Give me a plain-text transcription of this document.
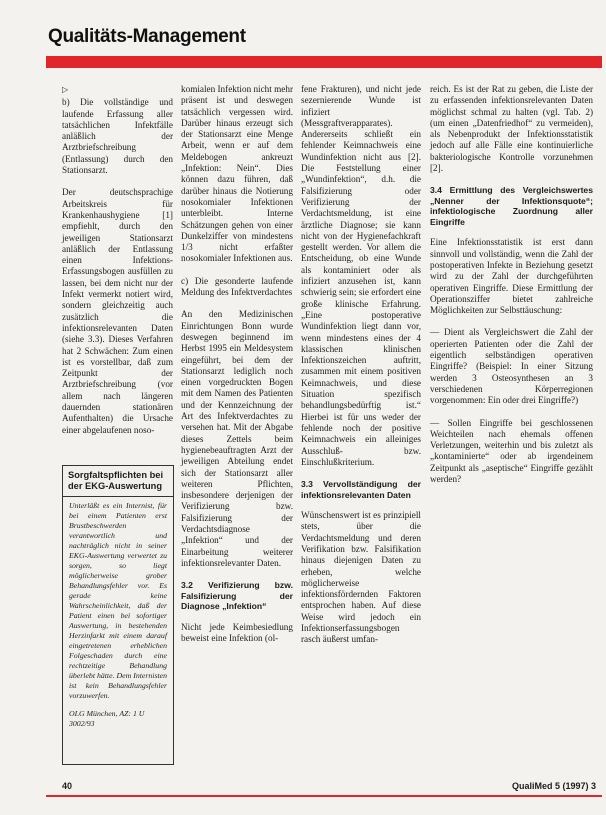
Qualitäts-Management
▷

b) Die vollständige und laufende Erfassung aller tatsächlichen Infektfälle anläßlich der Arztbriefschreibung (Entlassung) durch den Stationsarzt.

Der deutschsprachige Arbeitskreis für Krankenhaushygiene [1] empfiehlt, durch den jeweiligen Stationsarzt anläßlich der Entlassung einen Infektions-Erfassungsbogen ausfüllen zu lassen, bei dem nicht nur der Infekt vermerkt notiert wird, sondern gleichzeitig auch zusätzlich die infektionsrelevanten Daten (siehe 3.3). Dieses Verfahren hat 2 Schwächen: Zum einen ist es vorstellbar, daß zum Zeitpunkt der Arztbriefschreibung (vor allem nach längeren dauernden stationären Aufenthalten) die Ursache einer abgelaufenen noso-

Sorgfaltspflichten bei der EKG-Auswertung
Unterläßt es ein Internist, für bei einem Patienten erst Brustbeschwerden verantwortlich und nachträglich nicht in seiner EKG-Auswertung verwertet zu sorgen, so liegt möglicherweise grober Behandlungsfehler vor. Es gerade keine Wahrscheinlichkeit, daß der Patient einen bei sofortiger Auswertung, in bestehenden Herzinfarkt mit einem darauf eingetretenen erheblichen Folgeschaden durch eine rechtzeitige Behandlung überlebt hätte. Dem Internisten ist kein Behandlungsfehler vorzuwerfen.
OLG München, AZ: 1 U 3002/93

komialen Infektion nicht mehr präsent ist und deswegen tatsächlich vergessen wird. Darüber hinaus erzeugt sich der Stationsarzt eine Menge Arbeit, wenn er auf dem Meldebogen ankreuzt „Infektion: Nein“. Dies können dazu führen, daß darüber hinaus die Notierung nosokomialer Infektionen unterbleibt. Interne Schätzungen gehen von einer Dunkelziffer von mindestens 1/3 nicht erfaßter nosokomialer Infektionen aus.

c) Die gesonderte laufende Meldung des Infektverdachtes

An den Medizinischen Einrichtungen Bonn wurde deswegen beginnend im Herbst 1995 ein Meldesystem eingeführt, bei dem der Stationsarzt lediglich noch einen vorgedruckten Bogen mit dem Namen des Patienten und der Kennzeichnung der Art des Infektverdachtes zu versehen hat. Mit der Abgabe dieses Zettels beim hygienebeauftragten Arzt der jeweiligen Abteilung endet sich der Stationsarzt aller weiteren Pflichten, insbesondere derjenigen der Verifizierung bzw. Falsifizierung der Verdachtsdiagnose „Infektion“ und der Einarbeitung weiterer infektionsrelevanter Daten.

3.2 Verifizierung bzw. Falsifizierung der Diagnose „Infektion“

Nicht jede Keimbesiedlung beweist eine Infektion (ol-

fene Frakturen), und nicht jede sezernierende Wunde ist infiziert (Messgraftverapparates). Andererseits schließt ein fehlender Keimnachweis eine Wundinfektion nicht aus [2]. Die Feststellung einer „Wundinfektion“, d.h. die Falsifizierung oder Verifizierung der Verdachtsmeldung, ist eine ärztliche Diagnose; sie kann nicht von der Hygienefachkraft gestellt werden. Vor allem die Entscheidung, ob eine Wunde als kontaminiert oder als infiziert anzusehen ist, kann schwierig sein; sie erfordert eine große klinische Erfahrung. „Eine postoperative Wundinfektion liegt dann vor, wenn mindestens eines der 4 klassischen klinischen Infektionszeichen auftritt, zusammen mit einem positiven Keimnachweis, und diese Situation spezifisch behandlungsbedürftig ist.“ Hierbei ist für uns weder der fehlende noch der positive Keimnachweis ein alleiniges Ausschluß- bzw. Einschlußkriterium.

3.3 Vervollständigung der infektionsrelevanten Daten

Wünschenswert ist es prinzipiell stets, über die Verdachtsmeldung und deren Verifikation bzw. Falsifikation hinaus diejenigen Daten zu erheben, welche möglicherweise infektionsfördernden Faktoren entsprochen haben. Auf diese Weise wird jedoch ein Infektionserfassungsbogen rasch äußerst umfan-

reich. Es ist der Rat zu geben, die Liste der zu erfassenden infektionsrelevanten Daten möglichst schmal zu halten (vgl. Tab. 2) (um einen „Datenfriedhof“ zu vermeiden), als Nebenprodukt der Infektionsstatistik jedoch auf alle Fälle eine kontinuierliche bakteriologische Kontrolle vorzunehmen [2].

3.4 Ermittlung des Vergleichswertes „Nenner der Infektionsquote“; infektiologische Zuordnung aller Eingriffe

Eine Infektionsstatistik ist erst dann sinnvoll und vollständig, wenn die Zahl der postoperativen Infekte in Beziehung gesetzt wird zu der Zahl der durchgeführten operativen Eingriffe. Diese Ermittlung der Operationsziffer bietet zahlreiche Möglichkeiten zur Selbsttäuschung:

— Dient als Vergleichswert die Zahl der operierten Patienten oder die Zahl der eigentlich selbständigen operativen Eingriffe? (Beispiel: In einer Sitzung werden 3 Osteosynthesen an 3 verschiedenen Körperregionen vorgenommen: Ein oder drei Eingriffe?)

— Sollen Eingriffe bei geschlossenen Weichteilen nach ehemals offenen Verletzungen, weiterhin und bis zuletzt als „kontaminierte“ oder ab irgendeinem Zeitpunkt als „aseptische“ Eingriffe gezählt werden?

40	QualiMed 5 (1997) 3
